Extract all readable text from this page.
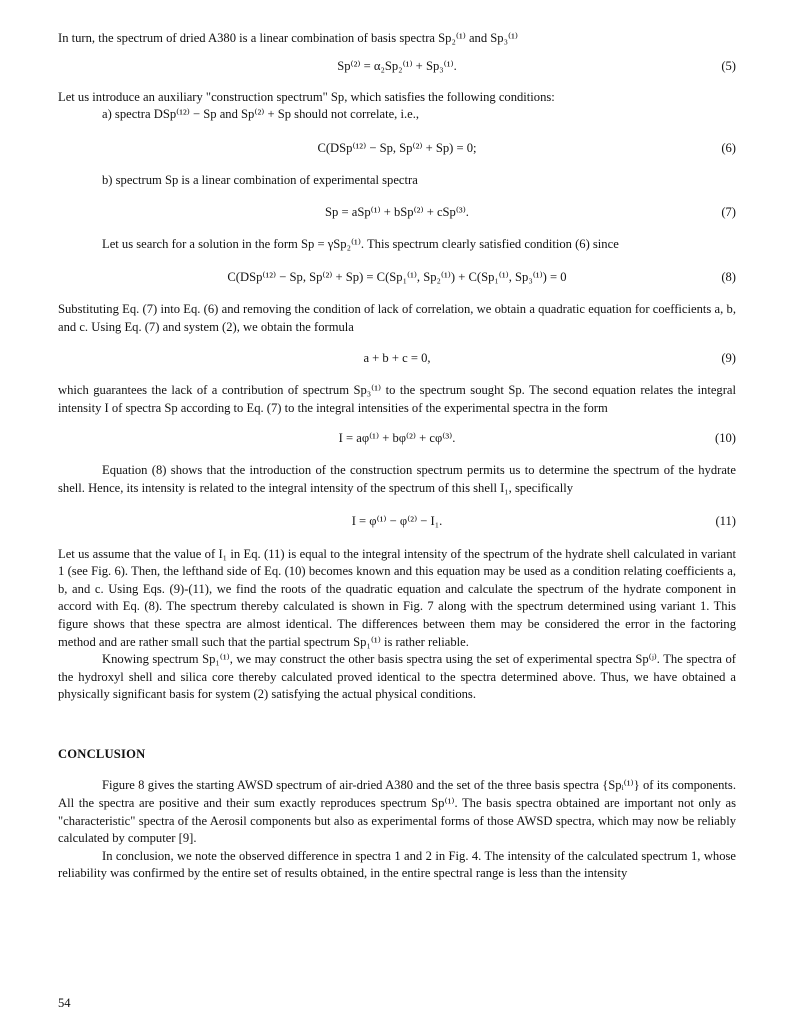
In turn, the spectrum of dried A380 is a linear combination of basis spectra Sp₂⁽¹⁾ and Sp₃⁽¹⁾

Sp⁽²⁾ = α₂Sp₂⁽¹⁾ + Sp₃⁽¹⁾.	(5)

Let us introduce an auxiliary "construction spectrum" Sp, which satisfies the following conditions:

a) spectra DSp⁽¹²⁾ − Sp and Sp⁽²⁾ + Sp should not correlate, i.e.,

C(DSp⁽¹²⁾ − Sp, Sp⁽²⁾ + Sp) = 0;	(6)

b) spectrum Sp is a linear combination of experimental spectra

Sp = aSp⁽¹⁾ + bSp⁽²⁾ + cSp⁽³⁾.	(7)

Let us search for a solution in the form Sp = γSp₂⁽¹⁾. This spectrum clearly satisfied condition (6) since

C(DSp⁽¹²⁾ − Sp, Sp⁽²⁾ + Sp) = C(Sp₁⁽¹⁾, Sp₂⁽¹⁾) + C(Sp₁⁽¹⁾, Sp₃⁽¹⁾) = 0	(8)

Substituting Eq. (7) into Eq. (6) and removing the condition of lack of correlation, we obtain a quadratic equation for coefficients a, b, and c. Using Eq. (7) and system (2), we obtain the formula

a + b + c = 0,	(9)

which guarantees the lack of a contribution of spectrum Sp₃⁽¹⁾ to the spectrum sought Sp. The second equation relates the integral intensity I of spectra Sp according to Eq. (7) to the integral intensities of the experimental spectra in the form

I = aφ⁽¹⁾ + bφ⁽²⁾ + cφ⁽³⁾.	(10)

Equation (8) shows that the introduction of the construction spectrum permits us to determine the spectrum of the hydrate shell. Hence, its intensity is related to the integral intensity of the spectrum of this shell I₁, specifically

I = φ⁽¹⁾ − φ⁽²⁾ − I₁.	(11)

Let us assume that the value of I₁ in Eq. (11) is equal to the integral intensity of the spectrum of the hydrate shell calculated in variant 1 (see Fig. 6). Then, the lefthand side of Eq. (10) becomes known and this equation may be used as a condition relating coefficients a, b, and c. Using Eqs. (9)-(11), we find the roots of the quadratic equation and calculate the spectrum of the hydrate component in accord with Eq. (8). The spectrum thereby calculated is shown in Fig. 7 along with the spectrum determined using variant 1. This figure shows that these spectra are almost identical. The differences between them may be considered the error in the factoring method and are rather small such that the partial spectrum Sp₁⁽¹⁾ is rather reliable.

Knowing spectrum Sp₁⁽¹⁾, we may construct the other basis spectra using the set of experimental spectra Sp⁽ʲ⁾. The spectra of the hydroxyl shell and silica core thereby calculated proved identical to the spectra determined above. Thus, we have obtained a physically significant basis for system (2) satisfying the actual physical conditions.

CONCLUSION

Figure 8 gives the starting AWSD spectrum of air-dried A380 and the set of the three basis spectra {Spᵢ⁽¹⁾} of its components. All the spectra are positive and their sum exactly reproduces spectrum Sp⁽¹⁾. The basis spectra obtained are important not only as "characteristic" spectra of the Aerosil components but also as experimental forms of those AWSD spectra, which may now be reliably calculated by computer [9].

In conclusion, we note the observed difference in spectra 1 and 2 in Fig. 4. The intensity of the calculated spectrum 1, whose reliability was confirmed by the entire set of results obtained, in the entire spectral range is less than the intensity

54
